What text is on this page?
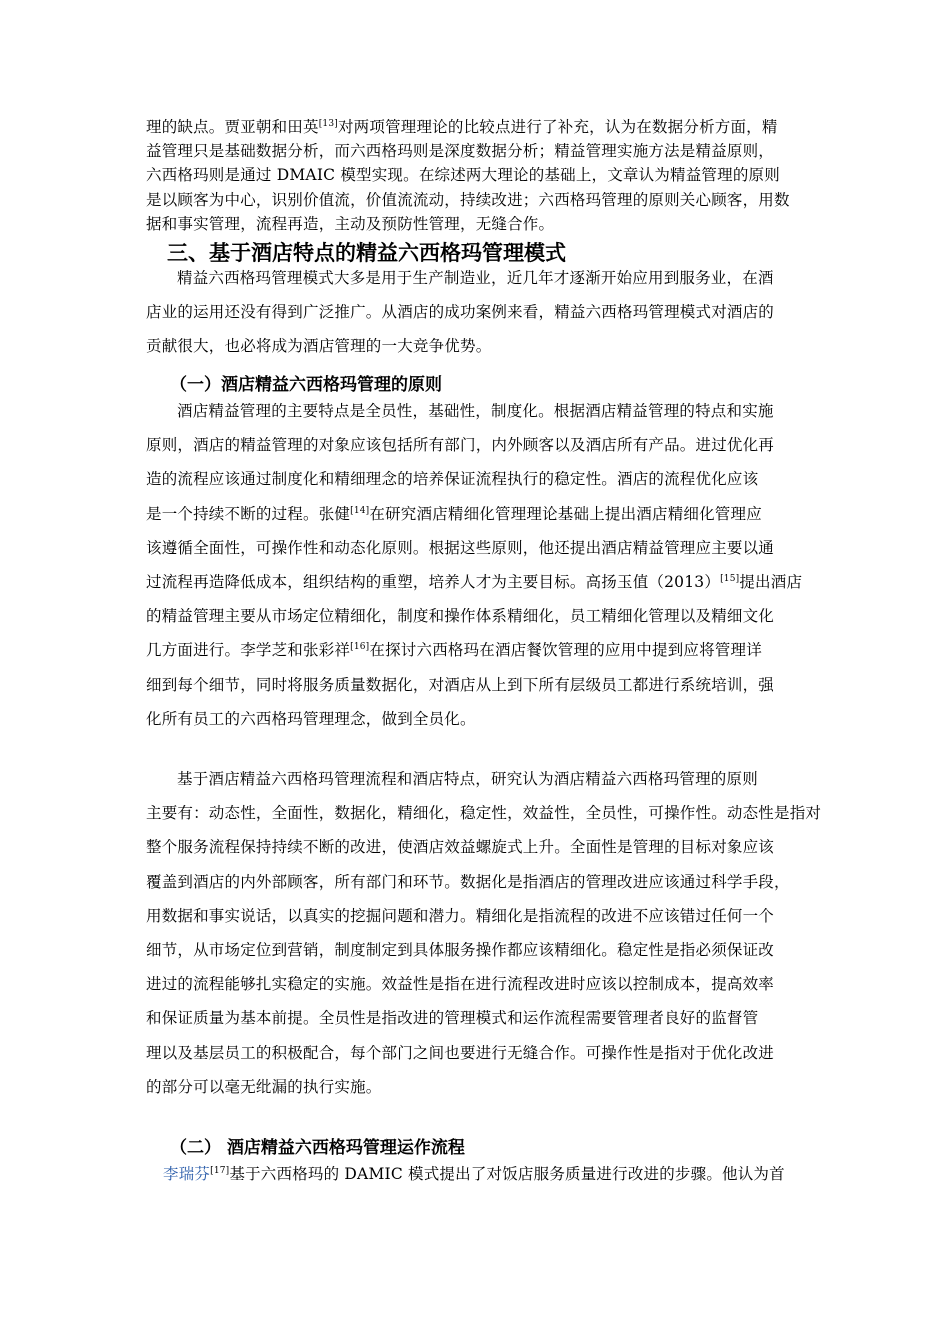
理的缺点。贾亚朝和田英[13]对两项管理理论的比较点进行了补充，认为在数据分析方面，精
益管理只是基础数据分析，而六西格玛则是深度数据分析；精益管理实施方法是精益原则，
六西格玛则是通过 DMAIC 模型实现。在综述两大理论的基础上，文章认为精益管理的原则
是以顾客为中心，识别价值流，价值流流动，持续改进；六西格玛管理的原则关心顾客，用数
据和事实管理，流程再造，主动及预防性管理，无缝合作。

三、基于酒店特点的精益六西格玛管理模式

精益六西格玛管理模式大多是用于生产制造业，近几年才逐渐开始应用到服务业，在酒
店业的运用还没有得到广泛推广。从酒店的成功案例来看，精益六西格玛管理模式对酒店的
贡献很大，也必将成为酒店管理的一大竞争优势。

（一）酒店精益六西格玛管理的原则

酒店精益管理的主要特点是全员性，基础性，制度化。根据酒店精益管理的特点和实施
原则，酒店的精益管理的对象应该包括所有部门，内外顾客以及酒店所有产品。进过优化再
造的流程应该通过制度化和精细理念的培养保证流程执行的稳定性。酒店的流程优化应该
是一个持续不断的过程。张健[14]在研究酒店精细化管理理论基础上提出酒店精细化管理应
该遵循全面性，可操作性和动态化原则。根据这些原则，他还提出酒店精益管理应主要以通
过流程再造降低成本，组织结构的重塑，培养人才为主要目标。高扬玉值（2013）[15]提出酒店
的精益管理主要从市场定位精细化，制度和操作体系精细化，员工精细化管理以及精细文化
几方面进行。李学芝和张彩祥[16]在探讨六西格玛在酒店餐饮管理的应用中提到应将管理详
细到每个细节，同时将服务质量数据化，对酒店从上到下所有层级员工都进行系统培训，强
化所有员工的六西格玛管理理念，做到全员化。

基于酒店精益六西格玛管理流程和酒店特点，研究认为酒店精益六西格玛管理的原则
主要有：动态性，全面性，数据化，精细化，稳定性，效益性，全员性，可操作性。动态性是指对
整个服务流程保持持续不断的改进，使酒店效益螺旋式上升。全面性是管理的目标对象应该
覆盖到酒店的内外部顾客，所有部门和环节。数据化是指酒店的管理改进应该通过科学手段，
用数据和事实说话，以真实的挖掘问题和潜力。精细化是指流程的改进不应该错过任何一个
细节，从市场定位到营销，制度制定到具体服务操作都应该精细化。稳定性是指必须保证改
进过的流程能够扎实稳定的实施。效益性是指在进行流程改进时应该以控制成本，提高效率
和保证质量为基本前提。全员性是指改进的管理模式和运作流程需要管理者良好的监督管
理以及基层员工的积极配合，每个部门之间也要进行无缝合作。可操作性是指对于优化改进
的部分可以毫无纰漏的执行实施。

（二） 酒店精益六西格玛管理运作流程

李瑞芬[17]基于六西格玛的 DAMIC 模式提出了对饭店服务质量进行改进的步骤。他认为首
